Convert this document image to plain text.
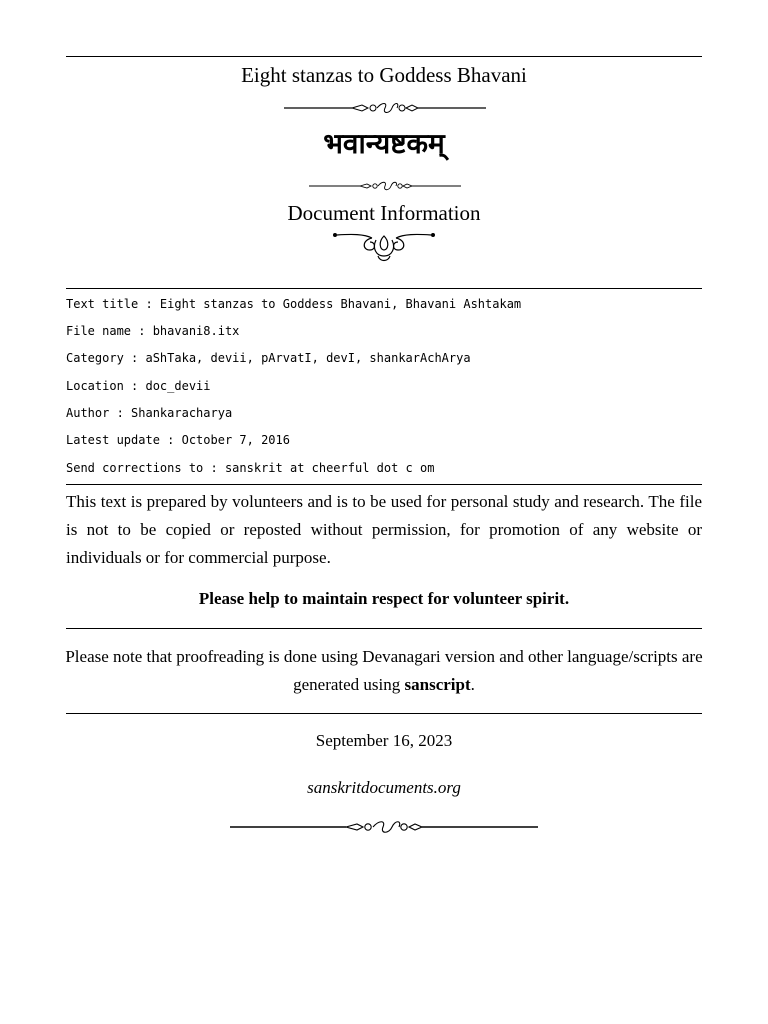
Eight stanzas to Goddess Bhavani
भवान्यष्टकम्
Document Information
Text title : Eight stanzas to Goddess Bhavani, Bhavani Ashtakam
File name : bhavani8.itx
Category : aShTaka, devii, pArvatI, devI, shankarAchArya
Location : doc_devii
Author : Shankaracharya
Latest update : October 7, 2016
Send corrections to : sanskrit at cheerful dot c om
This text is prepared by volunteers and is to be used for personal study and research. The file is not to be copied or reposted without permission, for promotion of any website or individuals or for commercial purpose.
Please help to maintain respect for volunteer spirit.
Please note that proofreading is done using Devanagari version and other language/scripts are generated using sanscript.
September 16, 2023
sanskritdocuments.org
